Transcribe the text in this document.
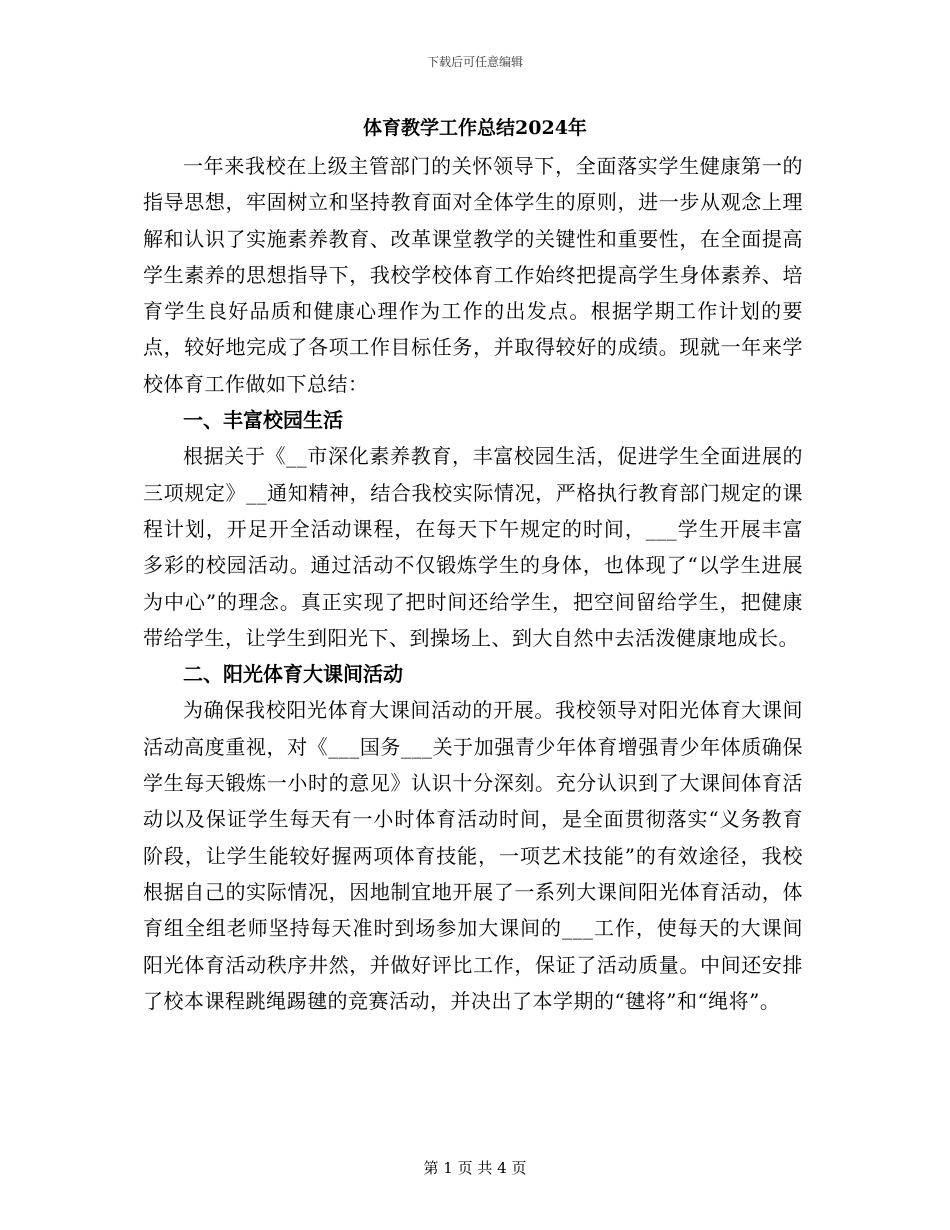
下载后可任意编辑
体育教学工作总结2024年

一年来我校在上级主管部门的关怀领导下，全面落实学生健康第一的指导思想，牢固树立和坚持教育面对全体学生的原则，进一步从观念上理解和认识了实施素养教育、改革课堂教学的关键性和重要性，在全面提高学生素养的思想指导下，我校学校体育工作始终把提高学生身体素养、培育学生良好品质和健康心理作为工作的出发点。根据学期工作计划的要点，较好地完成了各项工作目标任务，并取得较好的成绩。现就一年来学校体育工作做如下总结：

一、丰富校园生活

根据关于《__市深化素养教育，丰富校园生活，促进学生全面进展的三项规定》__通知精神，结合我校实际情况，严格执行教育部门规定的课程计划，开足开全活动课程，在每天下午规定的时间，___学生开展丰富多彩的校园活动。通过活动不仅锻炼学生的身体，也体现了“以学生进展为中心”的理念。真正实现了把时间还给学生，把空间留给学生，把健康带给学生，让学生到阳光下、到操场上、到大自然中去活泼健康地成长。

二、阳光体育大课间活动

为确保我校阳光体育大课间活动的开展。我校领导对阳光体育大课间活动高度重视，对《___国务___关于加强青少年体育增强青少年体质确保学生每天锻炼一小时的意见》认识十分深刻。充分认识到了大课间体育活动以及保证学生每天有一小时体育活动时间，是全面贯彻落实“义务教育阶段，让学生能较好握两项体育技能，一项艺术技能”的有效途径，我校根据自己的实际情况，因地制宜地开展了一系列大课间阳光体育活动，体育组全组老师坚持每天准时到场参加大课间的___工作，使每天的大课间阳光体育活动秩序井然，并做好评比工作，保证了活动质量。中间还安排了校本课程跳绳踢毽的竞赛活动，并决出了本学期的“毽将”和“绳将”。

第 1 页 共 4 页
